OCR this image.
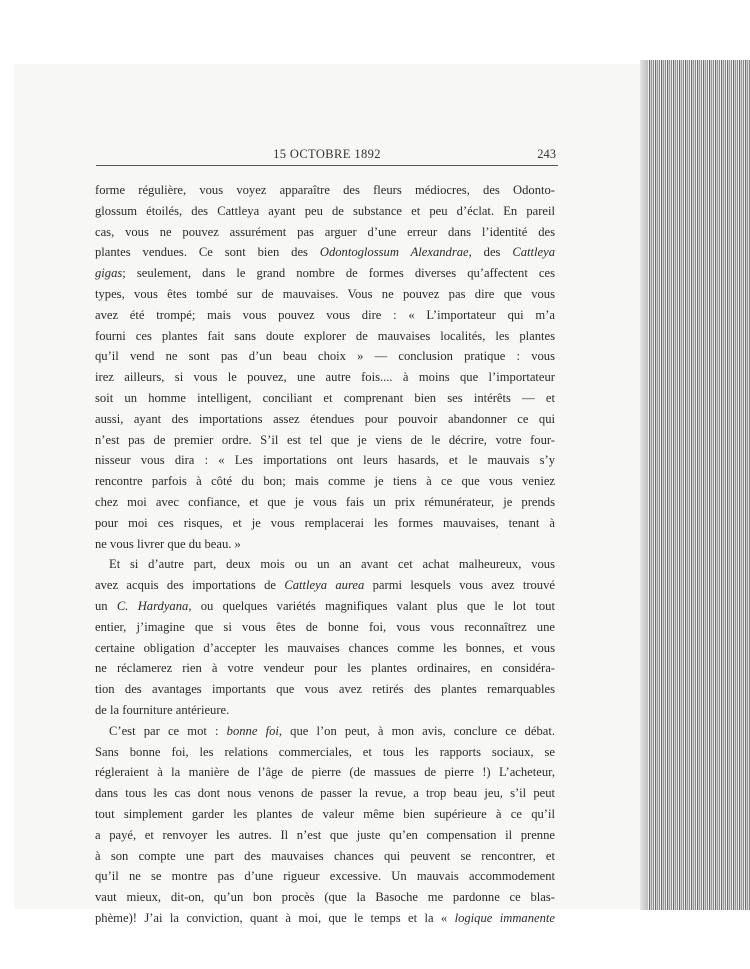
15 OCTOBRE 1892	243
forme régulière, vous voyez apparaître des fleurs médiocres, des Odonto-
glossum étoilés, des Cattleya ayant peu de substance et peu d’éclat. En pareil
cas, vous ne pouvez assurément pas arguer d’une erreur dans l’identité des
plantes vendues. Ce sont bien des Odontoglossum Alexandrae, des Cattleya
gigas; seulement, dans le grand nombre de formes diverses qu’affectent ces
types, vous êtes tombé sur de mauvaises. Vous ne pouvez pas dire que vous
avez été trompé; mais vous pouvez vous dire : « L’importateur qui m’a
fourni ces plantes fait sans doute explorer de mauvaises localités, les plantes
qu’il vend ne sont pas d’un beau choix » — conclusion pratique : vous
irez ailleurs, si vous le pouvez, une autre fois.... à moins que l’importateur
soit un homme intelligent, conciliant et comprenant bien ses intérêts — et
aussi, ayant des importations assez étendues pour pouvoir abandonner ce qui
n’est pas de premier ordre. S’il est tel que je viens de le décrire, votre four-
nisseur vous dira : « Les importations ont leurs hasards, et le mauvais s’y
rencontre parfois à côté du bon; mais comme je tiens à ce que vous veniez
chez moi avec confiance, et que je vous fais un prix rémunérateur, je prends
pour moi ces risques, et je vous remplacerai les formes mauvaises, tenant à
ne vous livrer que du beau. »
Et si d’autre part, deux mois ou un an avant cet achat malheureux, vous
avez acquis des importations de Cattleya aurea parmi lesquels vous avez trouvé
un C. Hardyana, ou quelques variétés magnifiques valant plus que le lot tout
entier, j’imagine que si vous êtes de bonne foi, vous vous reconnaîtrez une
certaine obligation d’accepter les mauvaises chances comme les bonnes, et vous
ne réclamerez rien à votre vendeur pour les plantes ordinaires, en considéra-
tion des avantages importants que vous avez retirés des plantes remarquables
de la fourniture antérieure.
C’est par ce mot : bonne foi, que l’on peut, à mon avis, conclure ce débat.
Sans bonne foi, les relations commerciales, et tous les rapports sociaux, se
régleraient à la manière de l’âge de pierre (de massues de pierre !) L’acheteur,
dans tous les cas dont nous venons de passer la revue, a trop beau jeu, s’il peut
tout simplement garder les plantes de valeur même bien supérieure à ce qu’il
a payé, et renvoyer les autres. Il n’est que juste qu’en compensation il prenne
à son compte une part des mauvaises chances qui peuvent se rencontrer, et
qu’il ne se montre pas d’une rigueur excessive. Un mauvais accommodement
vaut mieux, dit-on, qu’un bon procès (que la Basoche me pardonne ce blas-
phème)! J’ai la conviction, quant à moi, que le temps et la « logique immanente
